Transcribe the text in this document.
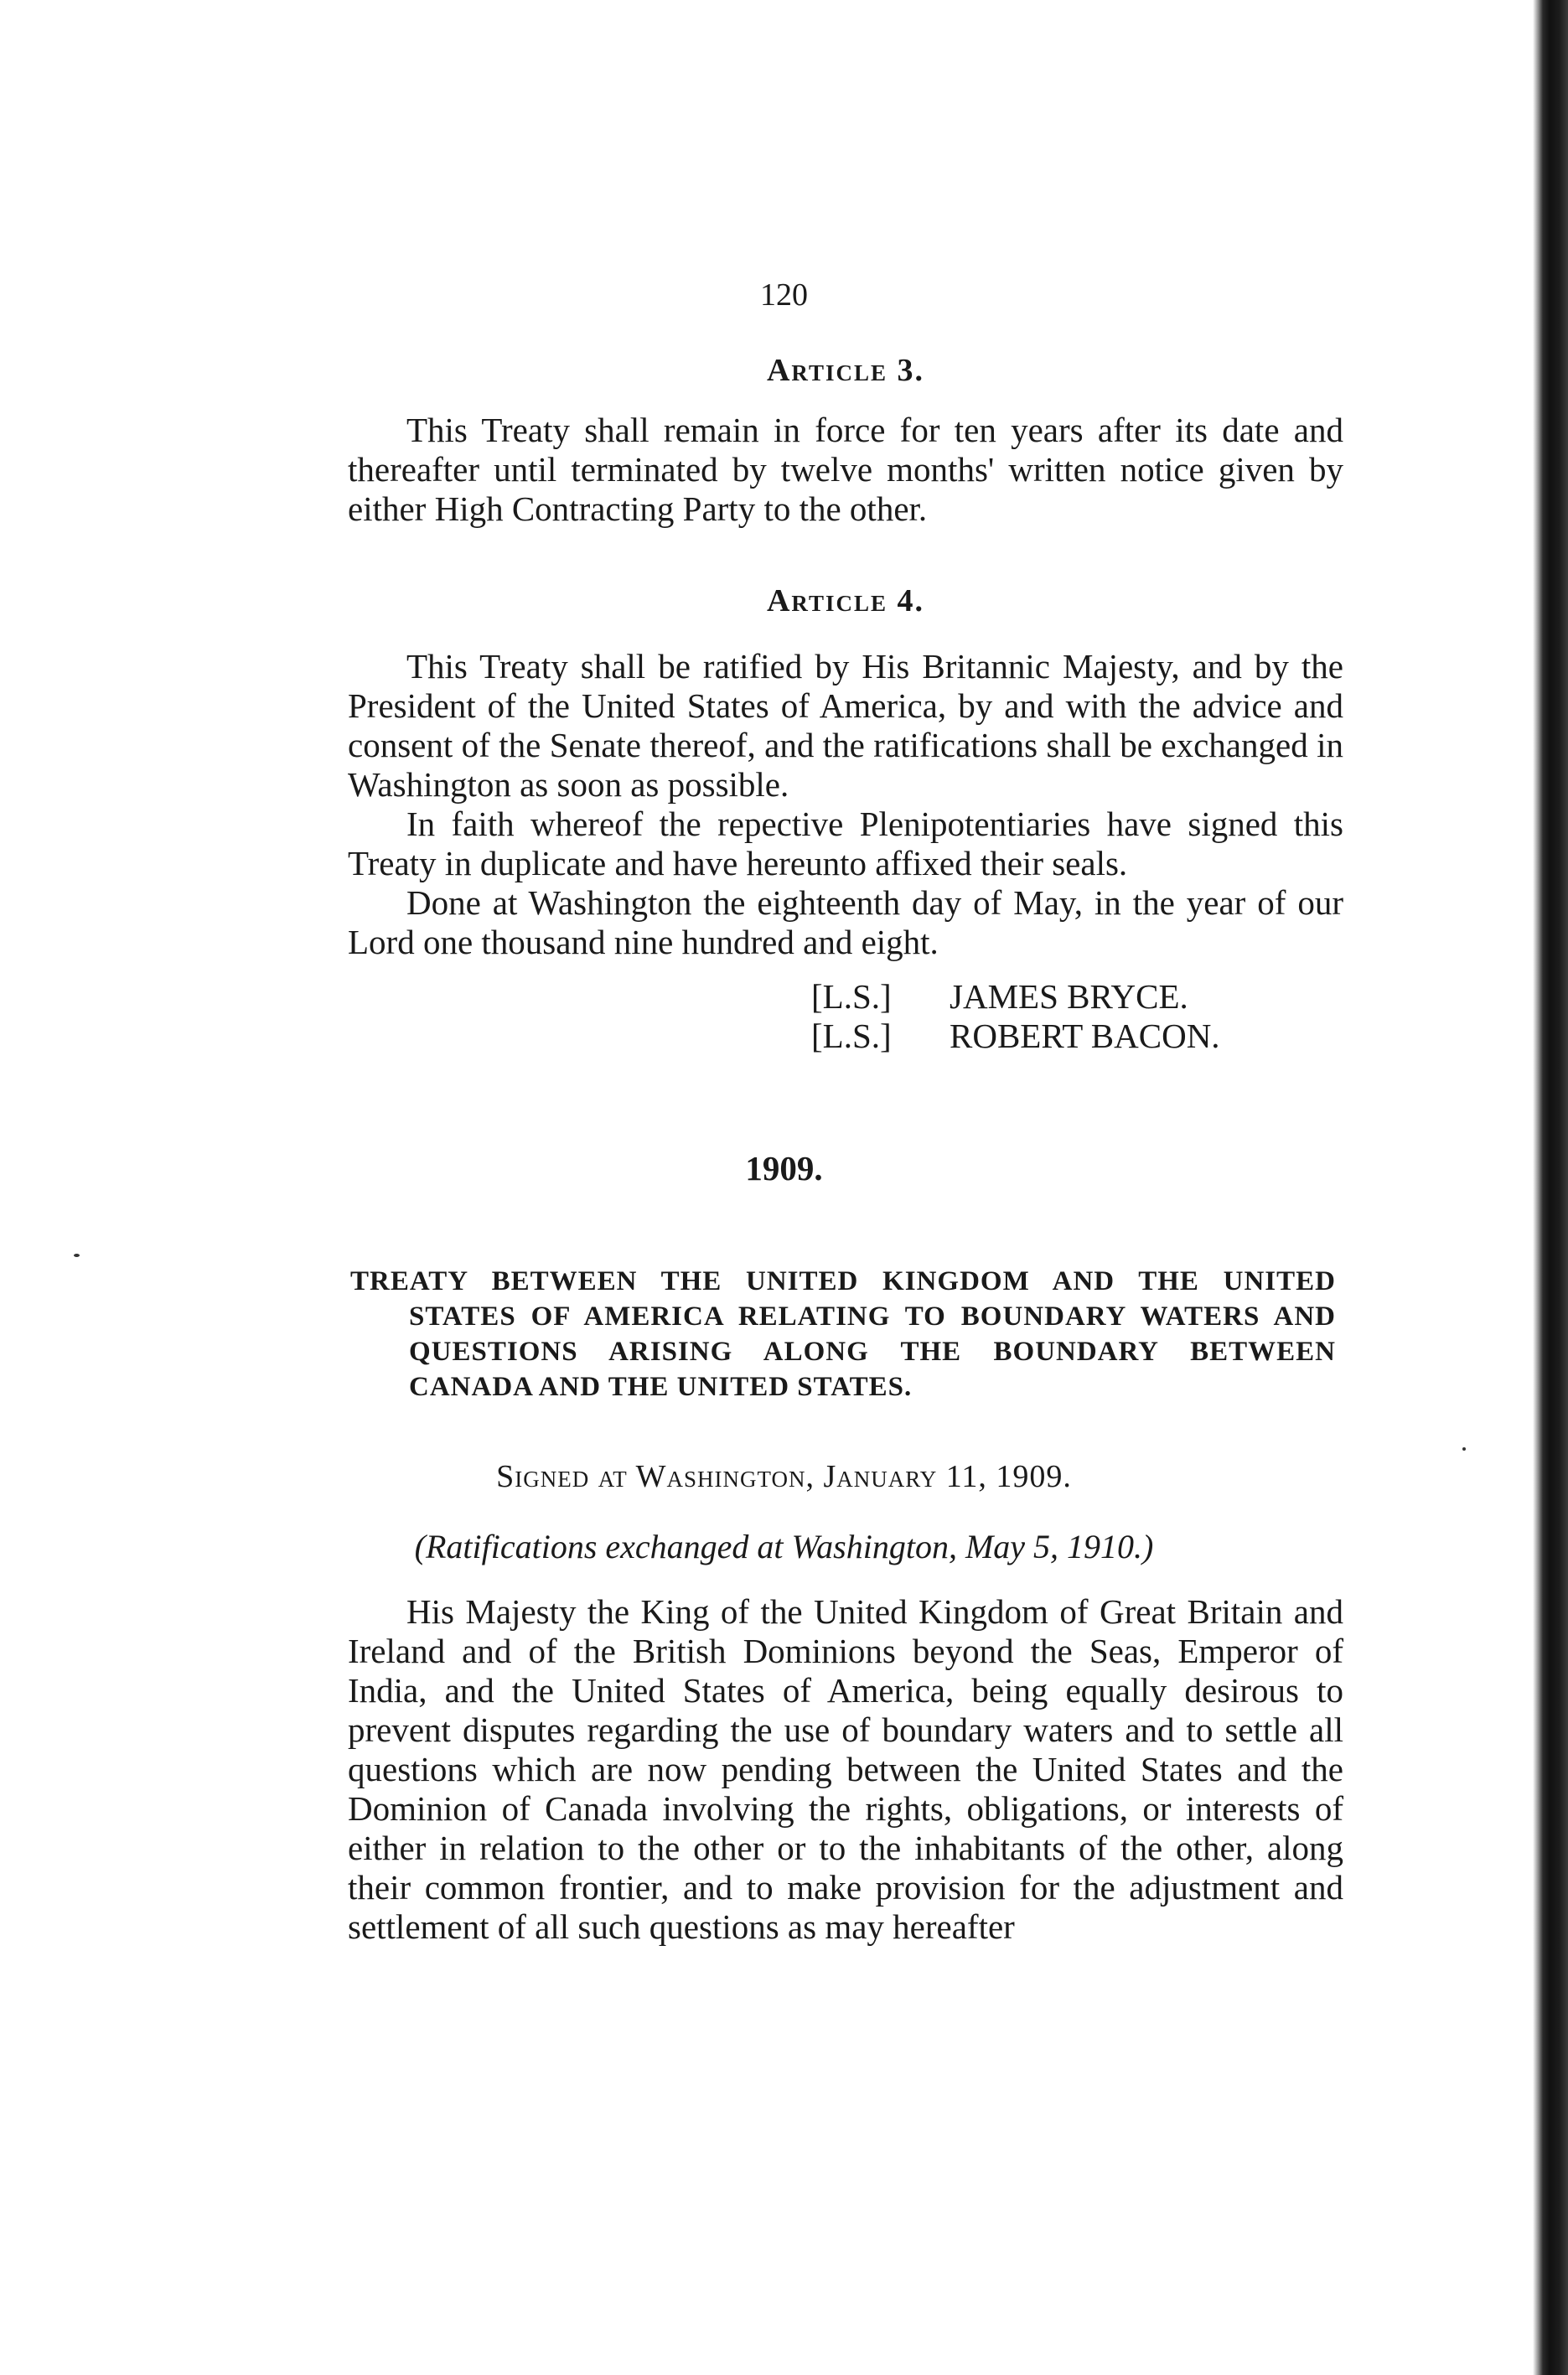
120
Article 3.

This Treaty shall remain in force for ten years after its date and thereafter until terminated by twelve months' written notice given by either High Contracting Party to the other.

Article 4.

This Treaty shall be ratified by His Britannic Majesty, and by the President of the United States of America, by and with the advice and consent of the Senate thereof, and the ratifications shall be exchanged in Washington as soon as possible.

In faith whereof the repective Plenipotentiaries have signed this Treaty in duplicate and have hereunto affixed their seals.

Done at Washington the eighteenth day of May, in the year of our Lord one thousand nine hundred and eight.

[L.S.] JAMES BRYCE.
[L.S.] ROBERT BACON.
1909.
TREATY BETWEEN THE UNITED KINGDOM AND THE UNITED STATES OF AMERICA RELATING TO BOUNDARY WATERS AND QUESTIONS ARISING ALONG THE BOUNDARY BETWEEN CANADA AND THE UNITED STATES.
Signed at Washington, January 11, 1909.
(Ratifications exchanged at Washington, May 5, 1910.)

His Majesty the King of the United Kingdom of Great Britain and Ireland and of the British Dominions beyond the Seas, Emperor of India, and the United States of America, being equally desirous to prevent disputes regarding the use of boundary waters and to settle all questions which are now pending between the United States and the Dominion of Canada involving the rights, obligations, or interests of either in relation to the other or to the inhabitants of the other, along their common frontier, and to make provision for the adjustment and settlement of all such questions as may hereafter
